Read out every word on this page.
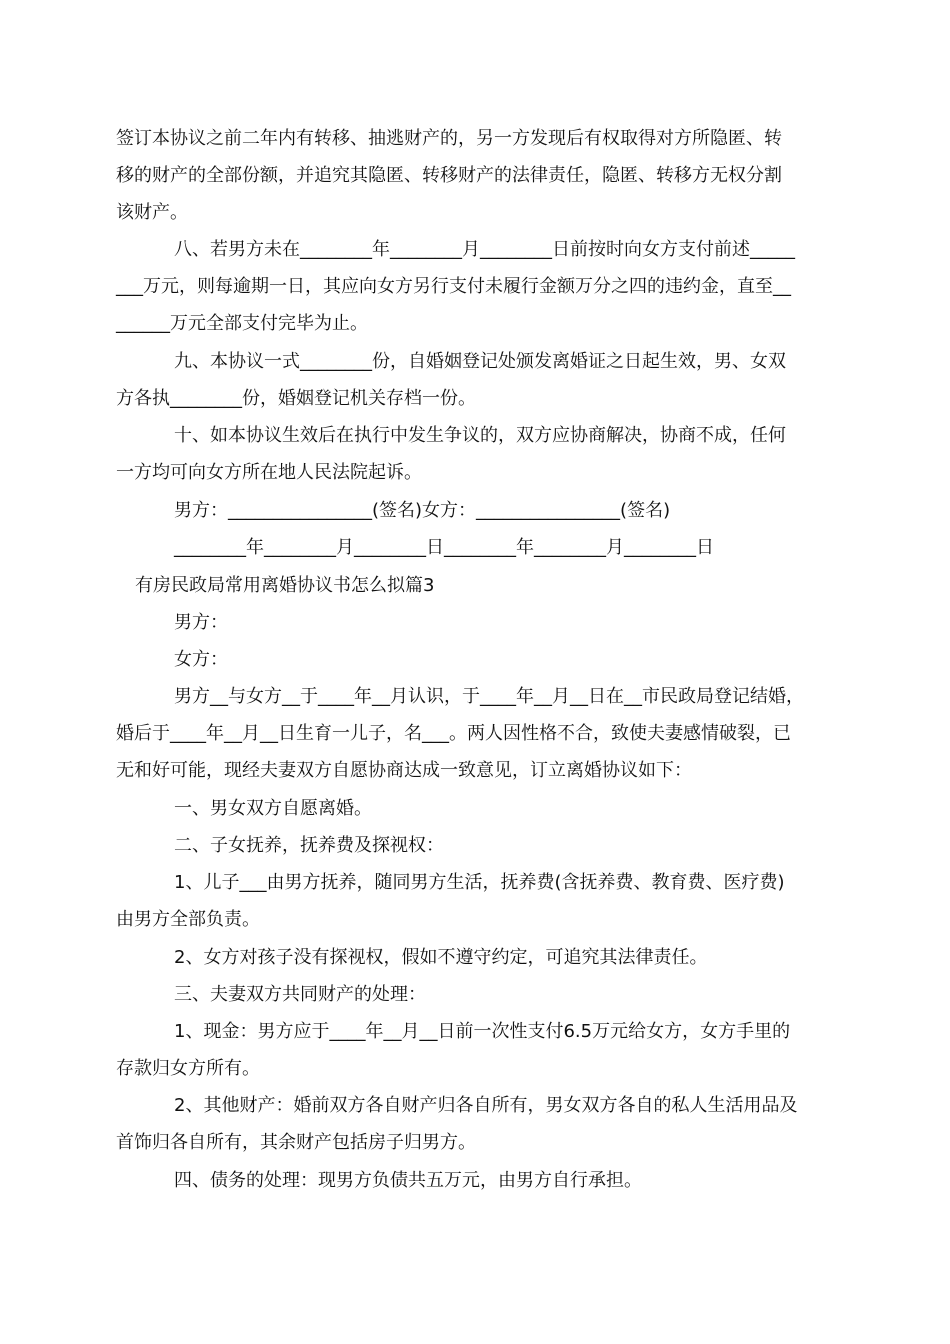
签订本协议之前二年内有转移、抽逃财产的，另一方发现后有权取得对方所隐匿、转
移的财产的全部份额，并追究其隐匿、转移财产的法律责任，隐匿、转移方无权分割
该财产。
八、若男方未在________年________月________日前按时向女方支付前述_____
___万元，则每逾期一日，其应向女方另行支付未履行金额万分之四的违约金，直至__
______万元全部支付完毕为止。
九、本协议一式________份，自婚姻登记处颁发离婚证之日起生效，男、女双
方各执________份，婚姻登记机关存档一份。
十、如本协议生效后在执行中发生争议的，双方应协商解决，协商不成，任何
一方均可向女方所在地人民法院起诉。
男方：________________(签名)女方：________________(签名)
________年________月________日________年________月________日
有房民政局常用离婚协议书怎么拟篇3
男方：
女方：
男方__与女方__于____年__月认识，于____年__月__日在__市民政局登记结婚，
婚后于____年__月__日生育一儿子，名___。两人因性格不合，致使夫妻感情破裂，已
无和好可能，现经夫妻双方自愿协商达成一致意见，订立离婚协议如下：
一、男女双方自愿离婚。
二、子女抚养，抚养费及探视权：
1、儿子___由男方抚养，随同男方生活，抚养费(含抚养费、教育费、医疗费)
由男方全部负责。
2、女方对孩子没有探视权，假如不遵守约定，可追究其法律责任。
三、夫妻双方共同财产的处理：
1、现金：男方应于____年__月__日前一次性支付6.5万元给女方，女方手里的
存款归女方所有。
2、其他财产：婚前双方各自财产归各自所有，男女双方各自的私人生活用品及
首饰归各自所有，其余财产包括房子归男方。
四、债务的处理：现男方负债共五万元，由男方自行承担。
